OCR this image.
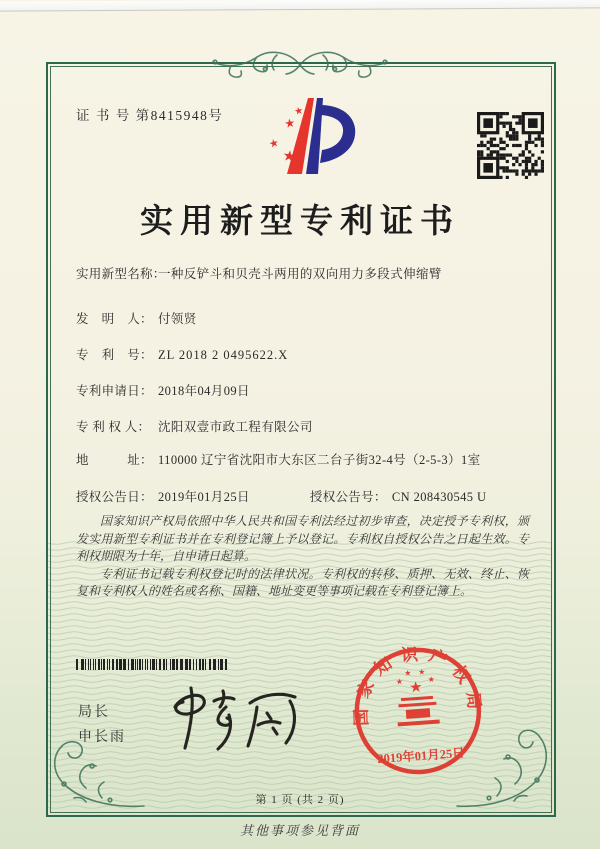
证 书 号 第8415948号	★
★
★
★
★
实用新型专利证书
实用新型名称：
一种反铲斗和贝壳斗两用的双向用力多段式伸缩臂
发　明　人： 付领贤
专　利　号： ZL 2018 2 0495622.X
专利申请日： 2018年04月09日
专 利 权 人： 沈阳双壹市政工程有限公司
地　　　址： 110000 辽宁省沈阳市大东区二台子街32-4号（2-5-3）1室
授权公告日： 2019年01月25日	授权公告号： CN 208430545 U

国家知识产权局依照中华人民共和国专利法经过初步审查，决定授予专利权，颁发实用新型专利证书并在专利登记簿上予以登记。专利权自授权公告之日起生效。专利权期限为十年，自申请日起算。

专利证书记载专利权登记时的法律状况。专利权的转移、质押、无效、终止、恢复和专利权人的姓名或名称、国籍、地址变更等事项记载在专利登记簿上。

局长
申长雨
国家知识产权局
★
★
★ ★
★
2019年01月25日
第 1 页 (共 2 页)
其他事项参见背面
